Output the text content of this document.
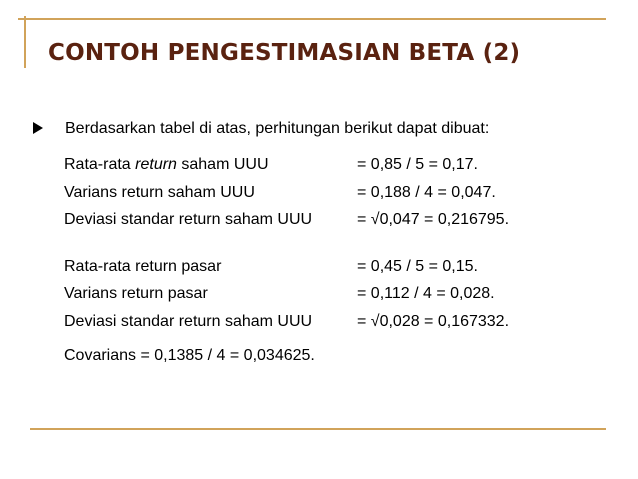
CONTOH PENGESTIMASIAN BETA (2)
Berdasarkan tabel di atas, perhitungan berikut dapat dibuat:
Rata-rata return saham UUU	= 0,85 / 5 = 0,17.
Varians return saham UUU	= 0,188 / 4 = 0,047.
Deviasi standar return saham UUU	= √0,047 = 0,216795.
Rata-rata return pasar	= 0,45 / 5 = 0,15.
Varians return pasar	= 0,112 / 4 = 0,028.
Deviasi standar return saham UUU	= √0,028 = 0,167332.
Covarians = 0,1385 / 4 = 0,034625.
